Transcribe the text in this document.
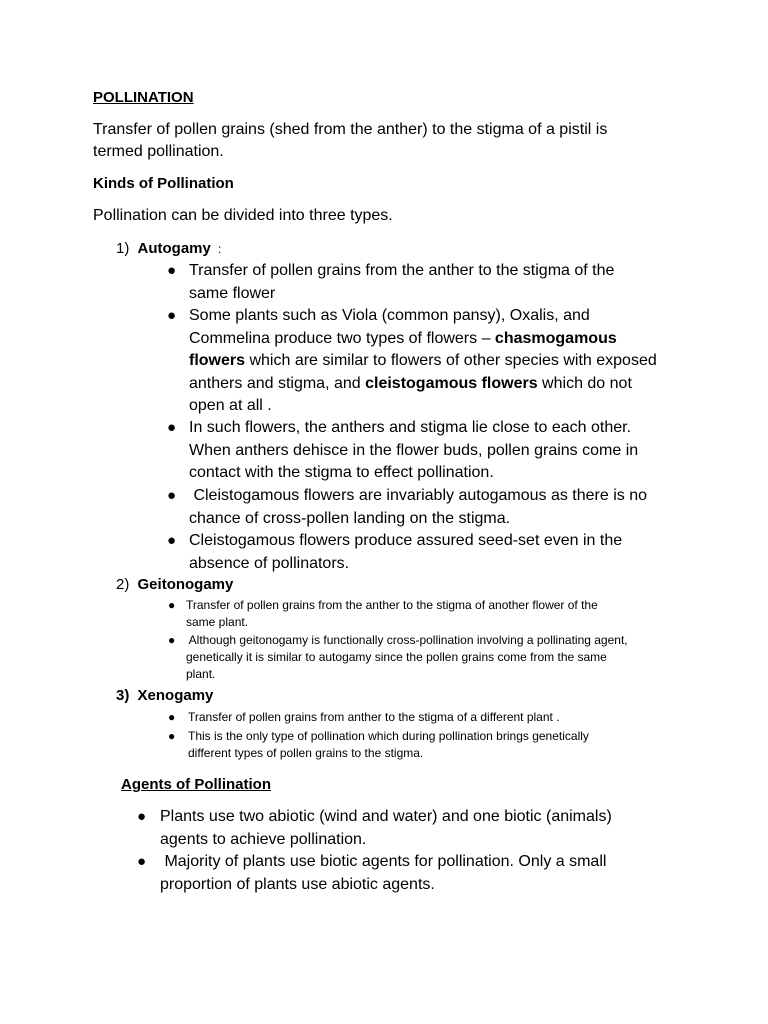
POLLINATION
Transfer of pollen grains (shed from the anther) to the stigma of a pistil is
termed pollination.
Kinds of Pollination
Pollination can be divided into three types.
1) Autogamy :
● Transfer of pollen grains from the anther to the stigma of the
same flower
● Some plants such as Viola (common pansy), Oxalis, and
Commelina produce two types of flowers – chasmogamous
flowers which are similar to flowers of other species with exposed
anthers and stigma, and cleistogamous flowers which do not
open at all .
● In such flowers, the anthers and stigma lie close to each other.
When anthers dehisce in the flower buds, pollen grains come in
contact with the stigma to effect pollination.
● Cleistogamous flowers are invariably autogamous as there is no
chance of cross-pollen landing on the stigma.
● Cleistogamous flowers produce assured seed-set even in the
absence of pollinators.
2) Geitonogamy
● Transfer of pollen grains from the anther to the stigma of another flower of the
same plant.
● Although geitonogamy is functionally cross-pollination involving a pollinating agent,
genetically it is similar to autogamy since the pollen grains come from the same
plant.
3) Xenogamy
● Transfer of pollen grains from anther to the stigma of a different plant .
● This is the only type of pollination which during pollination brings genetically
different types of pollen grains to the stigma.
Agents of Pollination
● Plants use two abiotic (wind and water) and one biotic (animals)
agents to achieve pollination.
● Majority of plants use biotic agents for pollination. Only a small
proportion of plants use abiotic agents.
